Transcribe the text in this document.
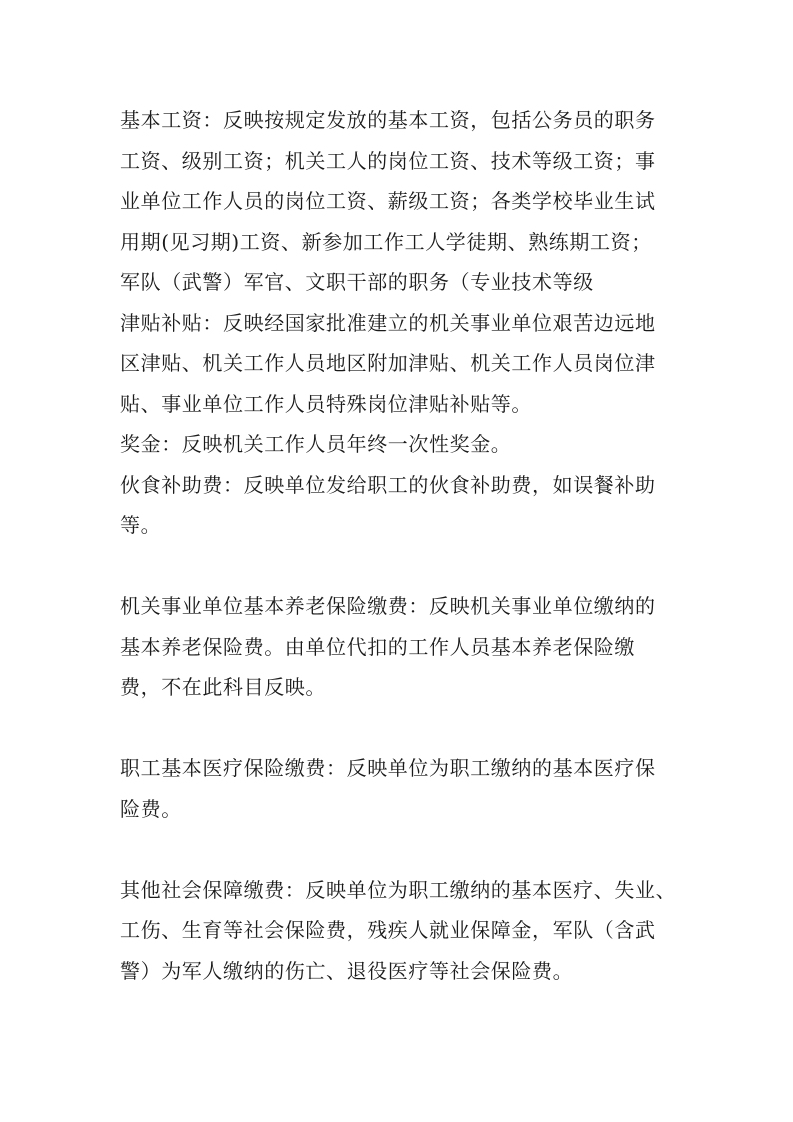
基本工资：反映按规定发放的基本工资，包括公务员的职务
工资、级别工资；机关工人的岗位工资、技术等级工资；事
业单位工作人员的岗位工资、薪级工资；各类学校毕业生试
用期(见习期)工资、新参加工作工人学徒期、熟练期工资；
军队（武警）军官、文职干部的职务（专业技术等级
津贴补贴：反映经国家批准建立的机关事业单位艰苦边远地
区津贴、机关工作人员地区附加津贴、机关工作人员岗位津
贴、事业单位工作人员特殊岗位津贴补贴等。
奖金：反映机关工作人员年终一次性奖金。
伙食补助费：反映单位发给职工的伙食补助费，如误餐补助
等。
机关事业单位基本养老保险缴费：反映机关事业单位缴纳的
基本养老保险费。由单位代扣的工作人员基本养老保险缴
费，不在此科目反映。
职工基本医疗保险缴费：反映单位为职工缴纳的基本医疗保
险费。
其他社会保障缴费：反映单位为职工缴纳的基本医疗、失业、
工伤、生育等社会保险费，残疾人就业保障金，军队（含武
警）为军人缴纳的伤亡、退役医疗等社会保险费。
